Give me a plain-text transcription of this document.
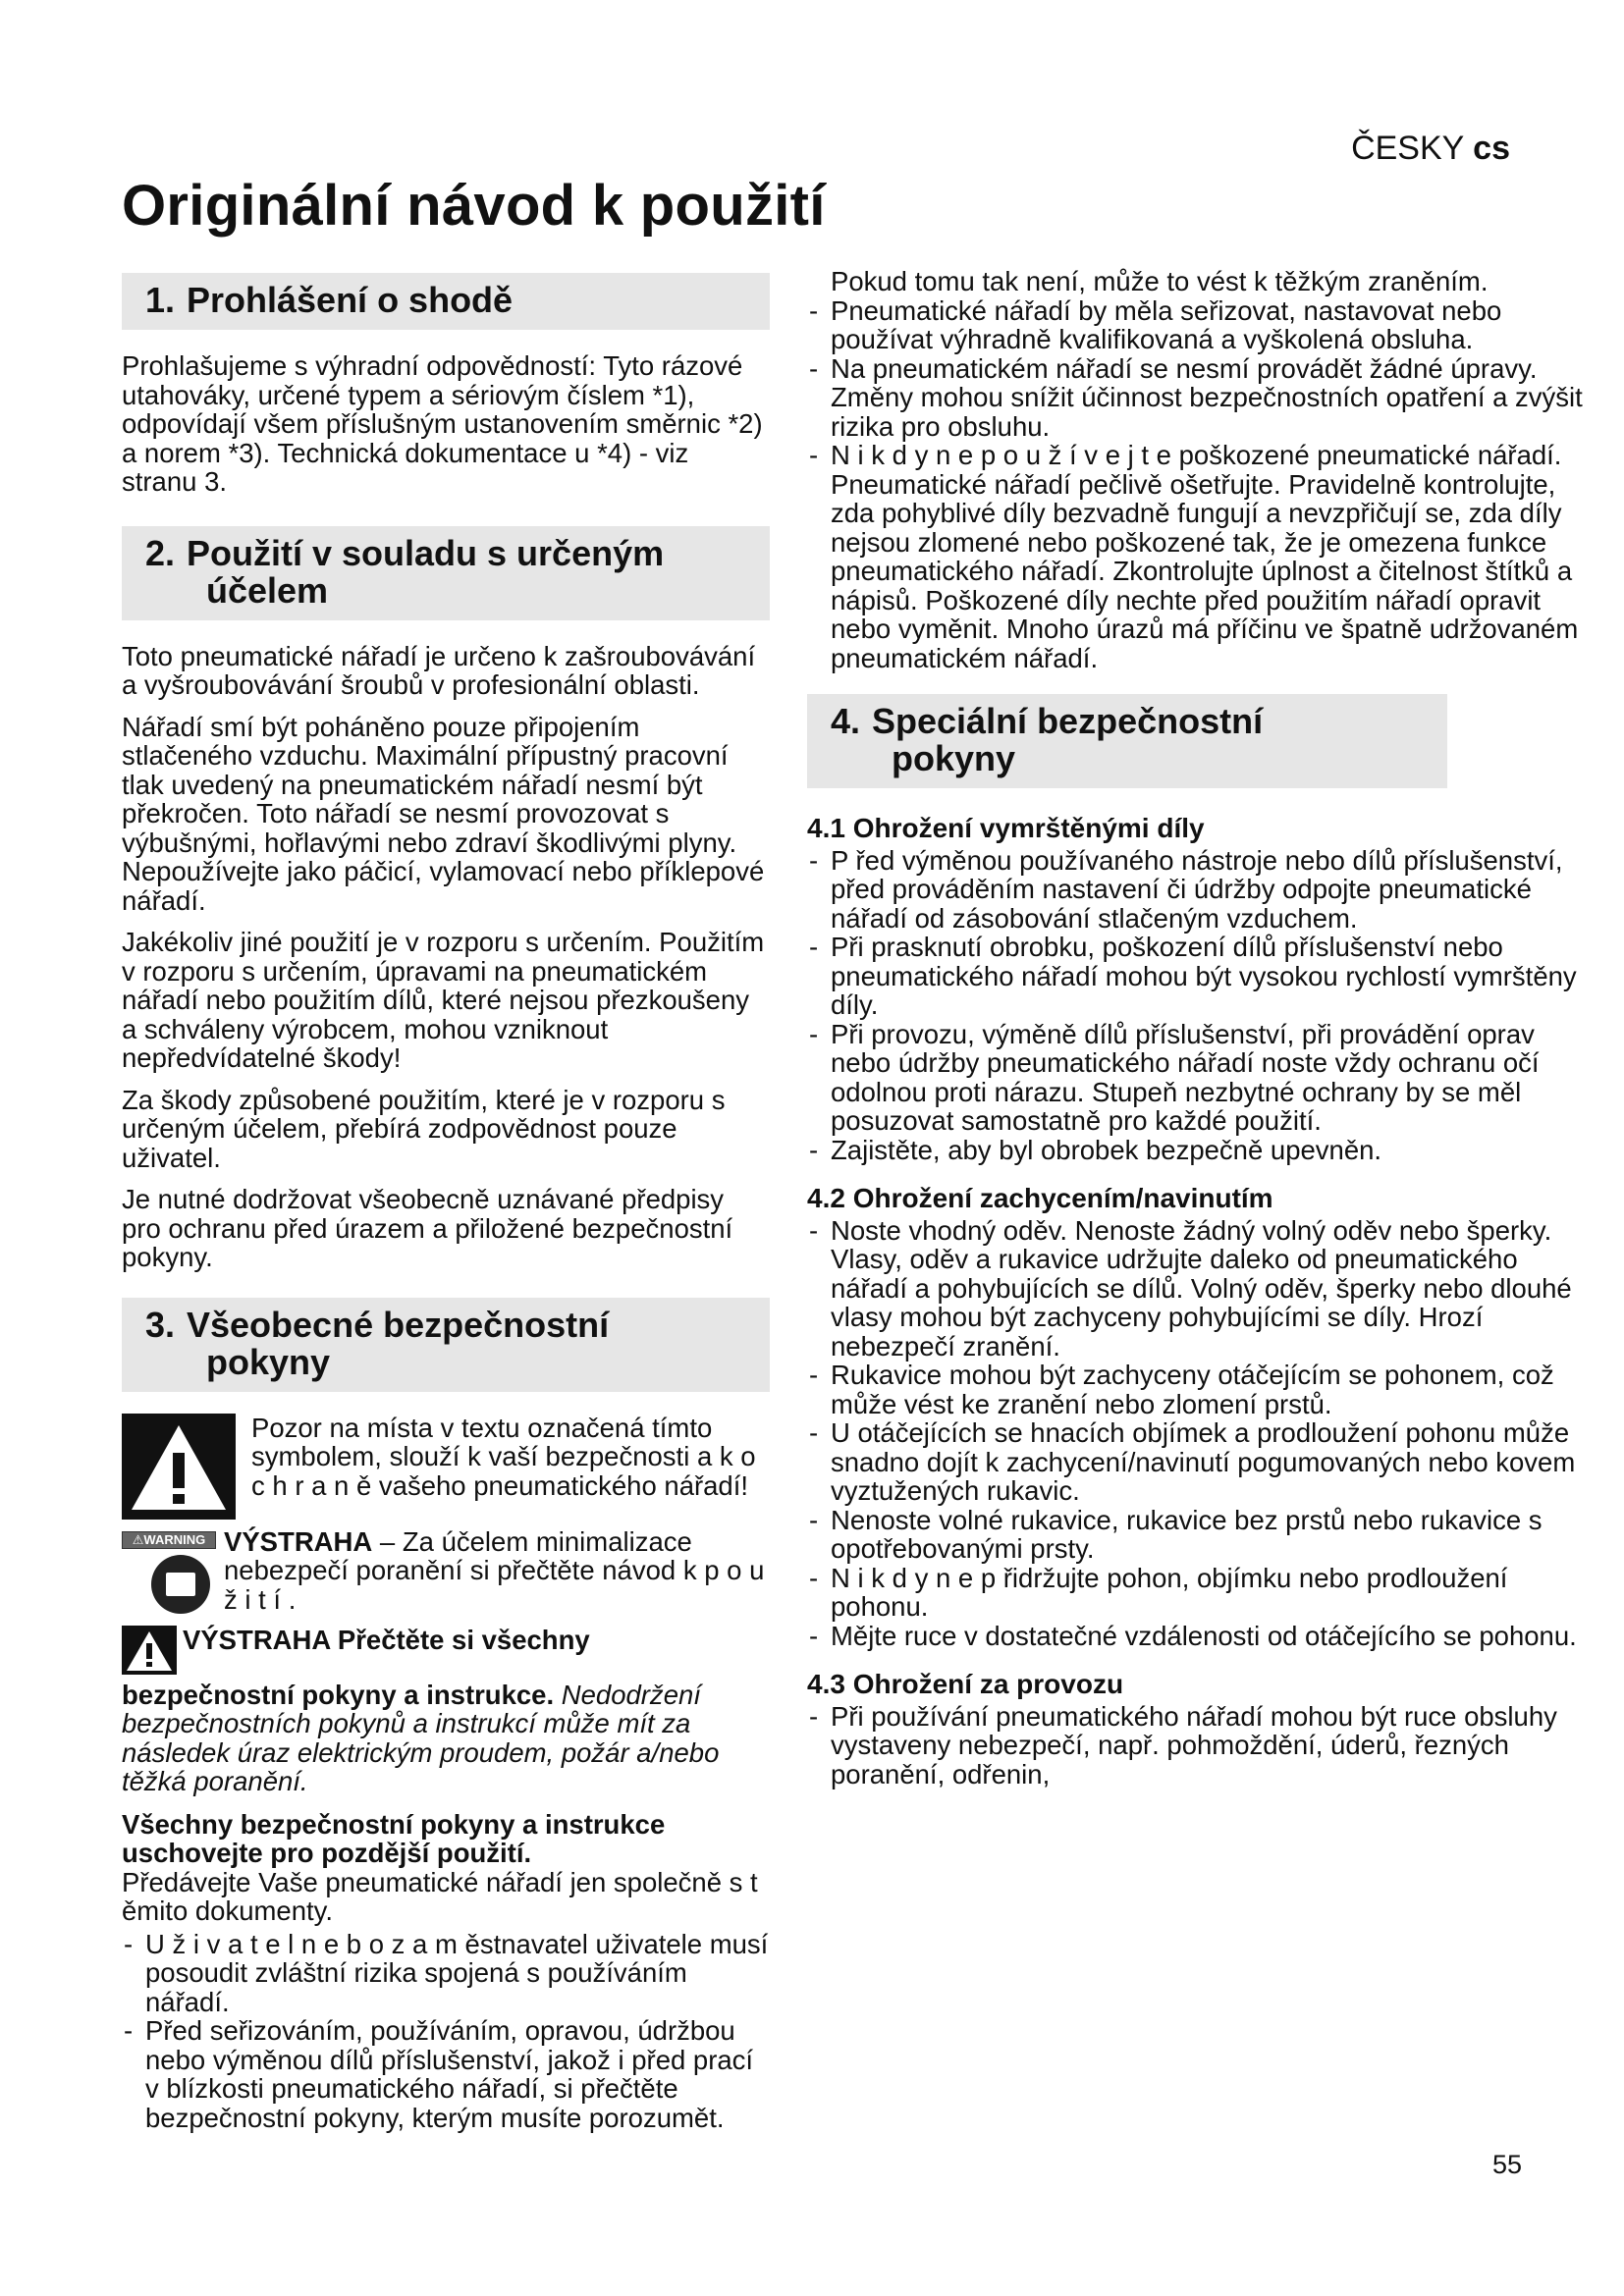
ČESKY cs
Originální návod k použití
1. Prohlášení o shodě

Prohlašujeme s výhradní odpovědností: Tyto rázové utahováky, určené typem a sériovým číslem *1), odpovídají všem příslušným ustanovením směrnic *2) a norem *3). Technická dokumentace u *4) - viz stranu 3.

2. Použití v souladu s určeným
účelem

Toto pneumatické nářadí je určeno k zašroubovávání a vyšroubovávání šroubů v profesionální oblasti.

Nářadí smí být poháněno pouze připojením stlačeného vzduchu. Maximální přípustný pracovní tlak uvedený na pneumatickém nářadí nesmí být překročen. Toto nářadí se nesmí provozovat s výbušnými, hořlavými nebo zdraví škodlivými plyny. Nepoužívejte jako páčicí, vylamovací nebo příklepové nářadí.

Jakékoliv jiné použití je v rozporu s určením. Použitím v rozporu s určením, úpravami na pneumatickém nářadí nebo použitím dílů, které nejsou přezkoušeny a schváleny výrobcem, mohou vzniknout nepředvídatelné škody!

Za škody způsobené použitím, které je v rozporu s určeným účelem, přebírá zodpovědnost pouze uživatel.

Je nutné dodržovat všeobecně uznávané předpisy pro ochranu před úrazem a přiložené bezpečnostní pokyny.

3. Všeobecné bezpečnostní
pokyny
Pozor na místa v textu označená tímto symbolem, slouží k vaší bezpečnosti a k o c h r a n ě vašeho pneumatického nářadí!
⚠WARNING VÝSTRAHA – Za účelem minimalizace nebezpečí poranění si přečtěte návod k p o u ž i t í .
VÝSTRAHA Přečtěte si všechny bezpečnostní pokyny a instrukce. Nedodržení bezpečnostních pokynů a instrukcí může mít za následek úraz elektrickým proudem, požár a/nebo těžká poranění.

Všechny bezpečnostní pokyny a instrukce uschovejte pro pozdější použití.

Předávejte Vaše pneumatické nářadí jen společně s t ěmito dokumenty.

- U ž i v a t e l n e b o z a m ěstnavatel uživatele musí posoudit zvláštní rizika spojená s používáním nářadí.
- Před seřizováním, používáním, opravou, údržbou nebo výměnou dílů příslušenství, jakož i před prací v blízkosti pneumatického nářadí, si přečtěte bezpečnostní pokyny, kterým musíte porozumět.
Pokud tomu tak není, může to vést k těžkým zraněním.
- Pneumatické nářadí by měla seřizovat, nastavovat nebo používat výhradně kvalifikovaná a vyškolená obsluha.
- Na pneumatickém nářadí se nesmí provádět žádné úpravy. Změny mohou snížit účinnost bezpečnostních opatření a zvýšit rizika pro obsluhu.
- N i k d y n e p o u ž í v e j t e poškozené pneumatické nářadí. Pneumatické nářadí pečlivě ošetřujte. Pravidelně kontrolujte, zda pohyblivé díly bezvadně fungují a nevzpřičují se, zda díly nejsou zlomené nebo poškozené tak, že je omezena funkce pneumatického nářadí. Zkontrolujte úplnost a čitelnost štítků a nápisů. Poškozené díly nechte před použitím nářadí opravit nebo vyměnit. Mnoho úrazů má příčinu ve špatně udržovaném pneumatickém nářadí.
4. Speciální bezpečnostní
pokyny
4.1 Ohrožení vymrštěnými díly
- P řed výměnou používaného nástroje nebo dílů příslušenství, před prováděním nastavení či údržby odpojte pneumatické nářadí od zásobování stlačeným vzduchem.
- Při prasknutí obrobku, poškození dílů příslušenství nebo pneumatického nářadí mohou být vysokou rychlostí vymrštěny díly.
- Při provozu, výměně dílů příslušenství, při provádění oprav nebo údržby pneumatického nářadí noste vždy ochranu očí odolnou proti nárazu. Stupeň nezbytné ochrany by se měl posuzovat samostatně pro každé použití.
- Zajistěte, aby byl obrobek bezpečně upevněn.
4.2 Ohrožení zachycením/navinutím
- Noste vhodný oděv. Nenoste žádný volný oděv nebo šperky. Vlasy, oděv a rukavice udržujte daleko od pneumatického nářadí a pohybujících se dílů. Volný oděv, šperky nebo dlouhé vlasy mohou být zachyceny pohybujícími se díly. Hrozí nebezpečí zranění.
- Rukavice mohou být zachyceny otáčejícím se pohonem, což může vést ke zranění nebo zlomení prstů.
- U otáčejících se hnacích objímek a prodloužení pohonu může snadno dojít k zachycení/navinutí pogumovaných nebo kovem vyztužených rukavic.
- Nenoste volné rukavice, rukavice bez prstů nebo rukavice s opotřebovanými prsty.
- N i k d y n e p řidržujte pohon, objímku nebo prodloužení pohonu.
- Mějte ruce v dostatečné vzdálenosti od otáčejícího se pohonu.
4.3 Ohrožení za provozu
- Při používání pneumatického nářadí mohou být ruce obsluhy vystaveny nebezpečí, např. pohmoždění, úderů, řezných poranění, odřenin,
55
